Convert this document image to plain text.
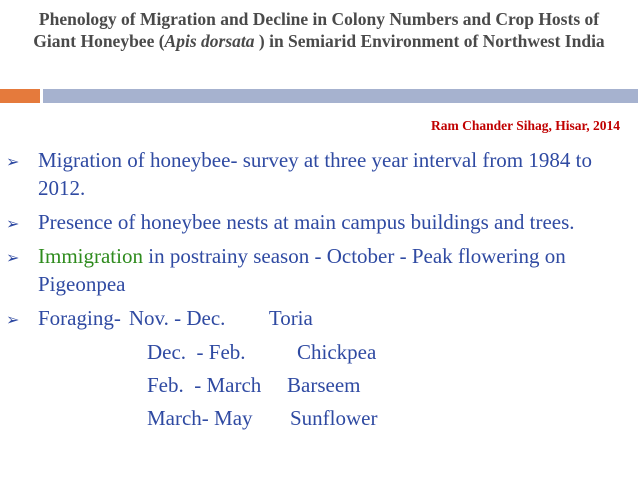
Phenology of Migration and Decline in Colony Numbers and Crop Hosts of Giant Honeybee (Apis dorsata ) in Semiarid Environment of Northwest India
Ram Chander Sihag, Hisar, 2014
➢ Migration of honeybee- survey at three year interval from 1984 to 2012.
➢ Presence of honeybee nests at main campus buildings and trees.
➢ Immigration in postrainy season - October - Peak flowering on Pigeonpea
➢ Foraging- Nov. - Dec. Toria
Dec.  - Feb. Chickpea
Feb.  - March Barseem
March- May Sunflower
